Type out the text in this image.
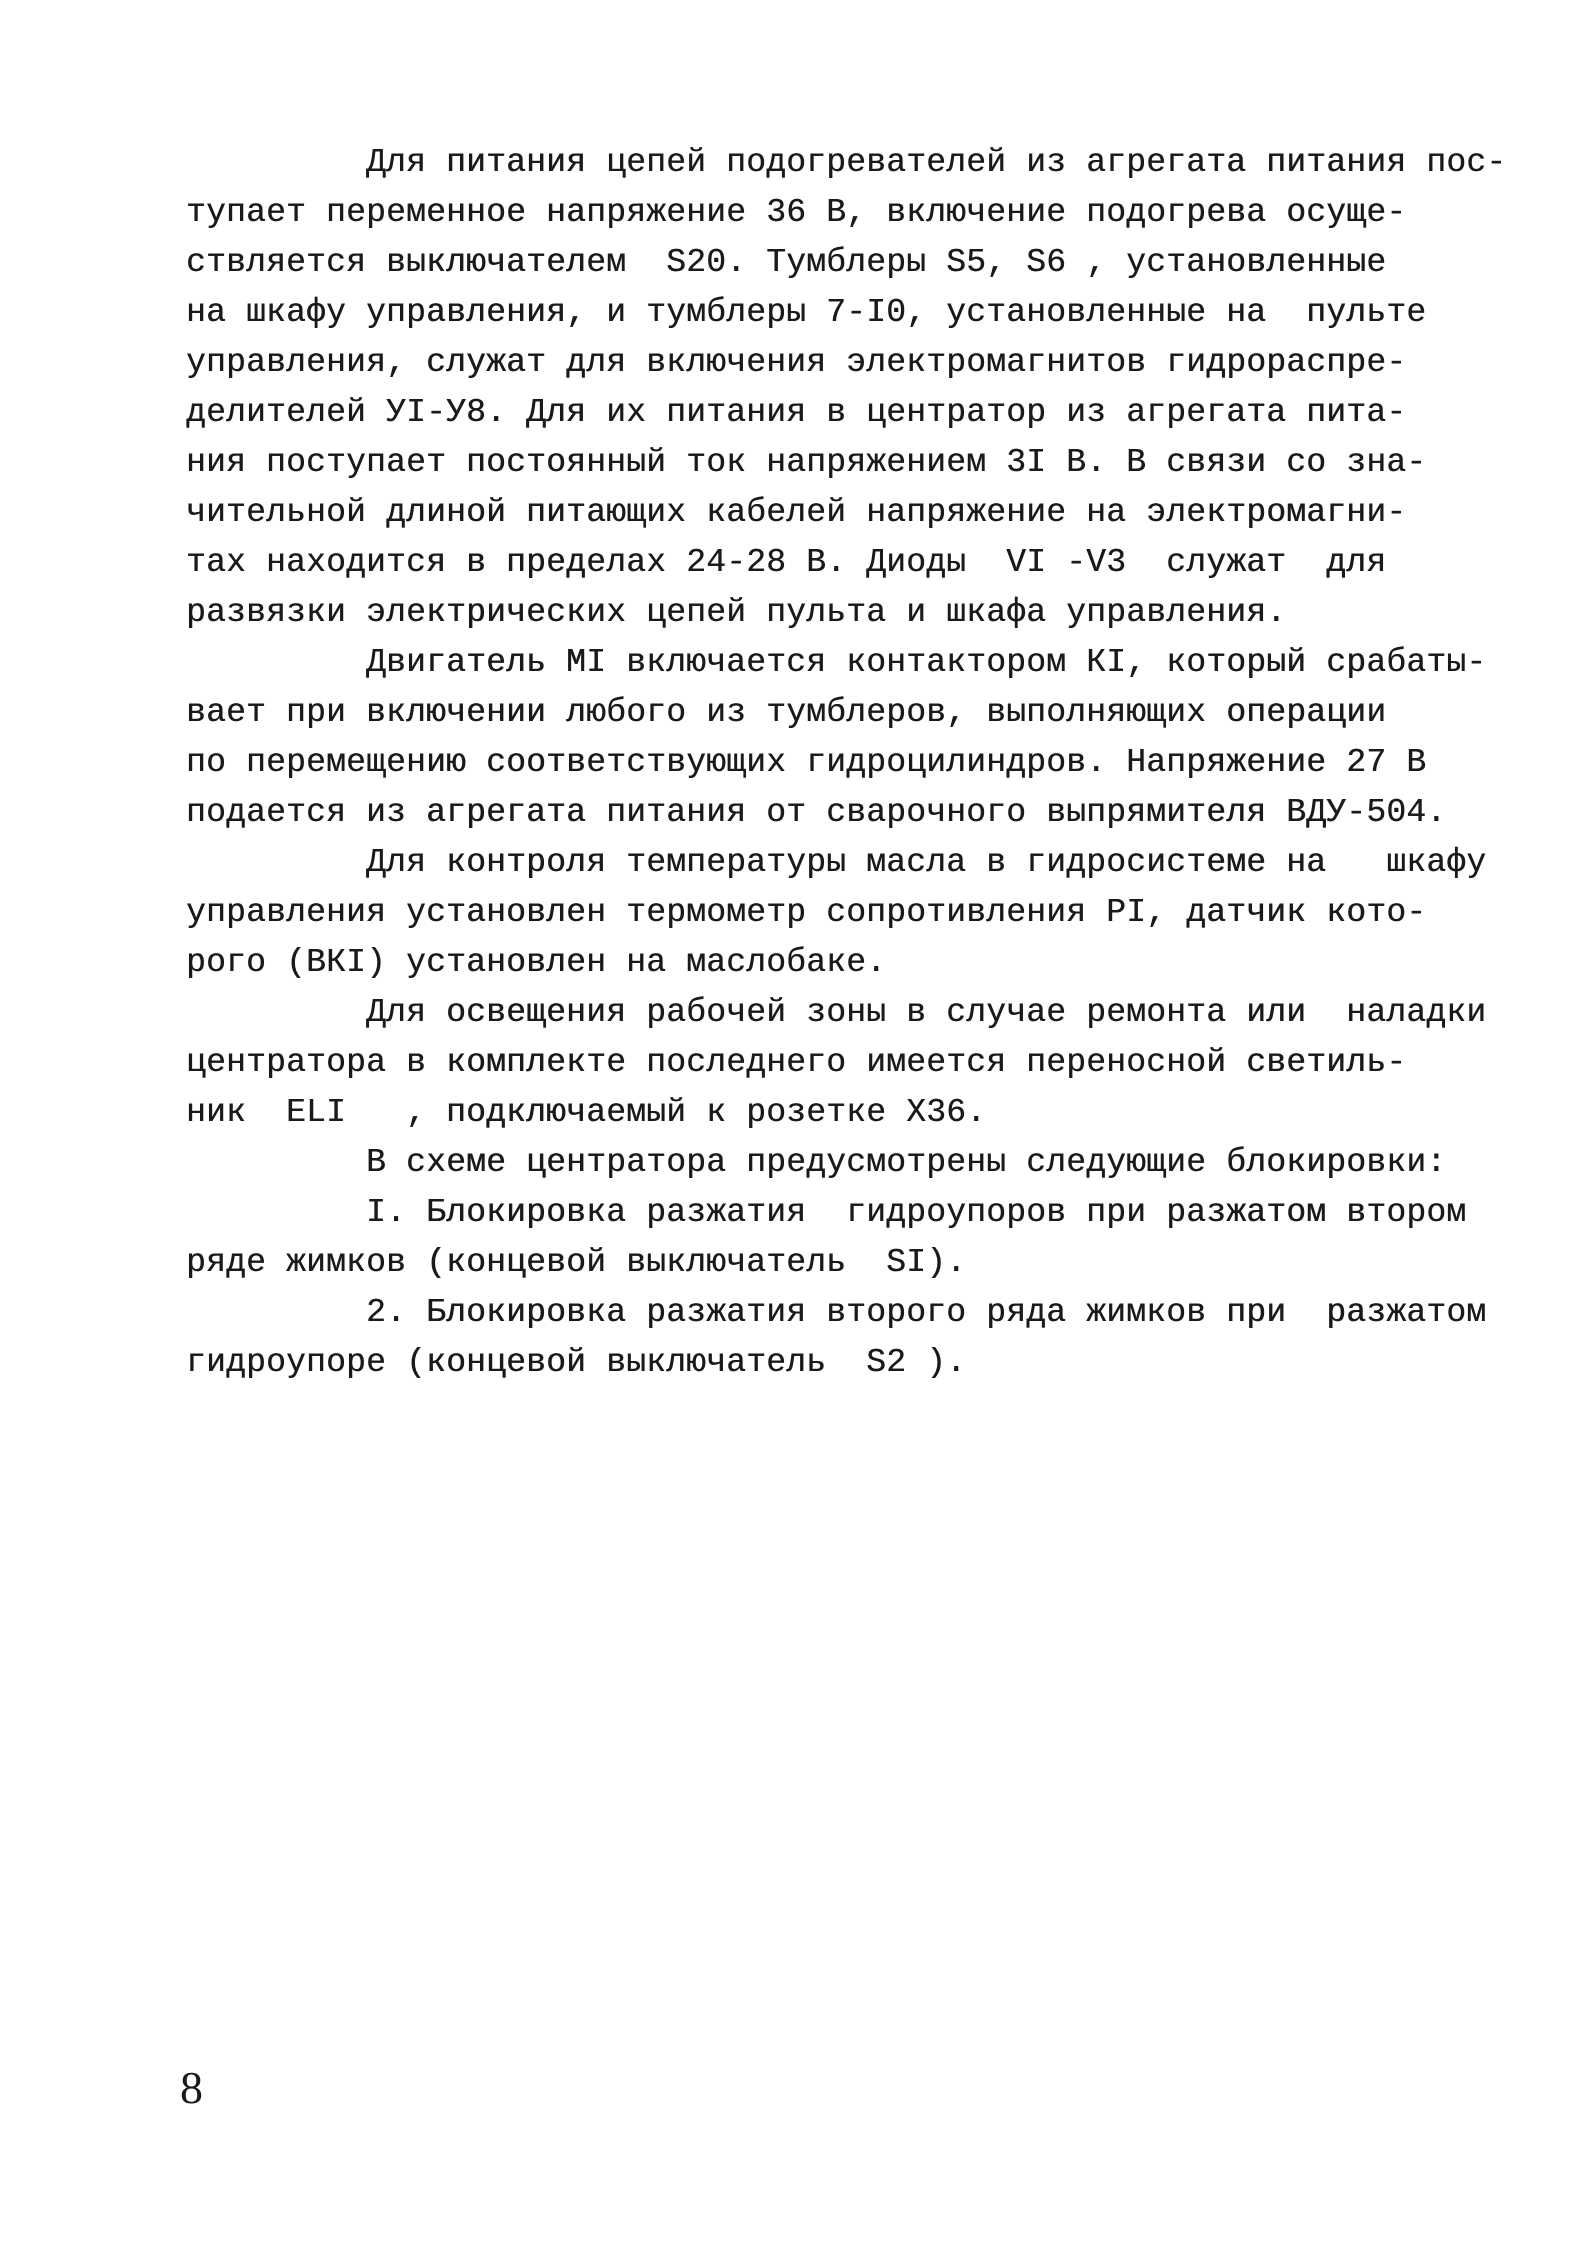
Для питания цепей подогревателей из агрегата питания пос-
тупает переменное напряжение 36 В, включение подогрева осуще-
ствляется выключателем  S20. Тумблеры S5, S6 , установленные
на шкафу управления, и тумблеры 7-I0, установленные на  пульте
управления, служат для включения электромагнитов гидрораспре-
делителей УI-У8. Для их питания в центратор из агрегата пита-
ния поступает постоянный ток напряжением 3I В. В связи со зна-
чительной длиной питающих кабелей напряжение на электромагни-
тах находится в пределах 24-28 В. Диоды  VI -V3  служат  для
развязки электрических цепей пульта и шкафа управления.
Двигатель МI включается контактором КI, который срабаты-
вает при включении любого из тумблеров, выполняющих операции
по перемещению соответствующих гидроцилиндров. Напряжение 27 В
подается из агрегата питания от сварочного выпрямителя ВДУ-504.
Для контроля температуры масла в гидросистеме на   шкафу
управления установлен термометр сопротивления РI, датчик кото-
рого (ВКI) установлен на маслобаке.
Для освещения рабочей зоны в случае ремонта или  наладки
центратора в комплекте последнего имеется переносной светиль-
ник  ЕLI   , подключаемый к розетке Х36.
В схеме центратора предусмотрены следующие блокировки:
I. Блокировка разжатия  гидроупоров при разжатом втором
ряде жимков (концевой выключатель  SI).
2. Блокировка разжатия второго ряда жимков при  разжатом
гидроупоре (концевой выключатель  S2 ).
8
